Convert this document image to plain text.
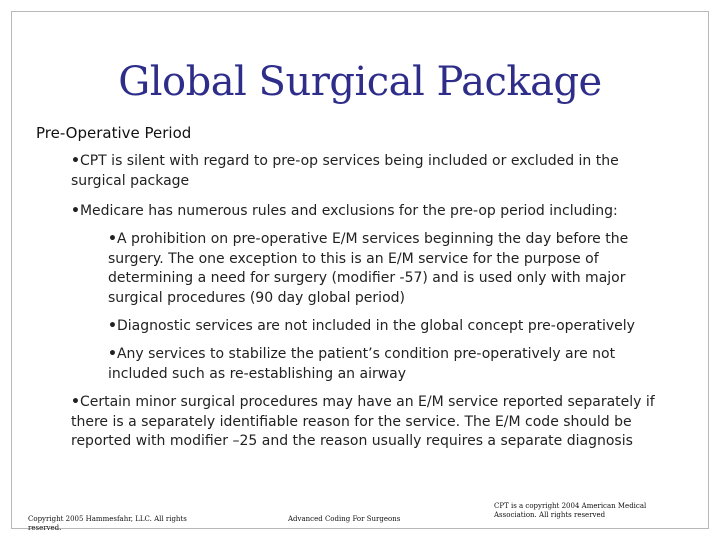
Global Surgical Package
Pre-Operative Period
•CPT is silent with regard to pre-op services being included or excluded in the surgical package
•Medicare has numerous rules and exclusions for the pre-op period including:
•A prohibition on pre-operative E/M services beginning the day before the surgery. The one exception to this is an E/M service for the purpose of determining a need for surgery (modifier -57) and is used only with major surgical procedures (90 day global period)
•Diagnostic services are not included in the global concept pre-operatively
•Any services to stabilize the patient’s condition pre-operatively are not included such as re-establishing an airway
•Certain minor surgical procedures may have an E/M service reported separately if there is a separately identifiable reason for the service. The E/M code should be reported with modifier –25 and the reason usually requires a separate diagnosis
Copyright 2005 Hammesfahr, LLC. All rights reserved.
Advanced Coding For Surgeons
CPT is a copyright 2004 American Medical Association. All rights reserved
